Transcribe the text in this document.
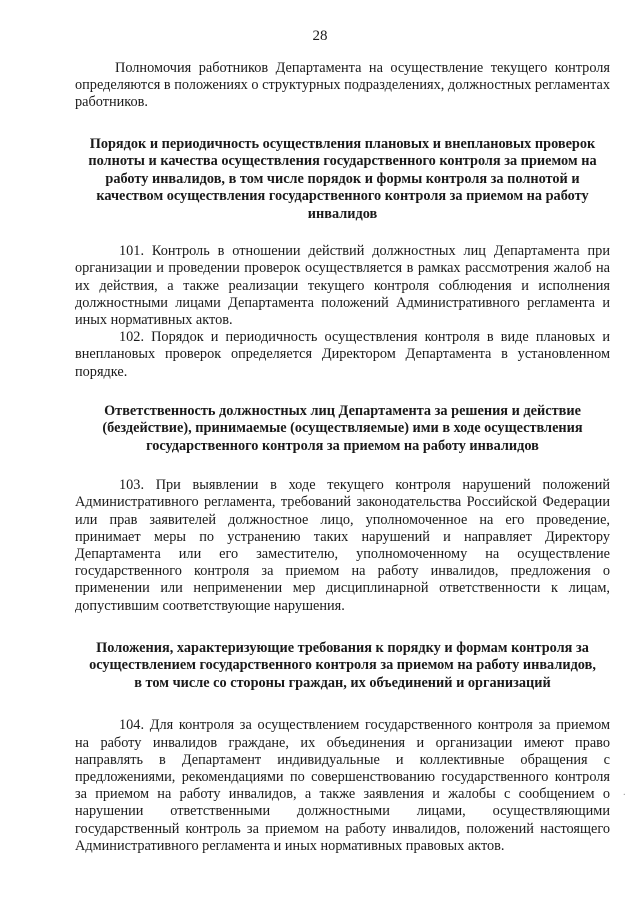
28

Полномочия работников Департамента на осуществление текущего контроля определяются в положениях о структурных подразделениях, должностных регламентах работников.

Порядок и периодичность осуществления плановых и внеплановых проверок полноты и качества осуществления государственного контроля за приемом на работу инвалидов, в том числе порядок и формы контроля за полнотой и качеством осуществления государственного контроля за приемом на работу инвалидов

101. Контроль в отношении действий должностных лиц Департамента при организации и проведении проверок осуществляется в рамках рассмотрения жалоб на их действия, а также реализации текущего контроля соблюдения и исполнения должностными лицами Департамента положений Административного регламента и иных нормативных актов.

102. Порядок и периодичность осуществления контроля в виде плановых и внеплановых проверок определяется Директором Департамента в установленном порядке.

Ответственность должностных лиц Департамента за решения и действие (бездействие), принимаемые (осуществляемые) ими в ходе осуществления государственного контроля за приемом на работу инвалидов

103. При выявлении в ходе текущего контроля нарушений положений Административного регламента, требований законодательства Российской Федерации или прав заявителей должностное лицо, уполномоченное на его проведение, принимает меры по устранению таких нарушений и направляет Директору Департамента или его заместителю, уполномоченному на осуществление государственного контроля за приемом на работу инвалидов, предложения о применении или неприменении мер дисциплинарной ответственности к лицам, допустившим соответствующие нарушения.

Положения, характеризующие требования к порядку и формам контроля за осуществлением государственного контроля за приемом на работу инвалидов, в том числе со стороны граждан, их объединений и организаций

104. Для контроля за осуществлением государственного контроля за приемом на работу инвалидов граждане, их объединения и организации имеют право направлять в Департамент индивидуальные и коллективные обращения с предложениями, рекомендациями по совершенствованию государственного контроля за приемом на работу инвалидов, а также заявления и жалобы с сообщением о нарушении ответственными должностными лицами, осуществляющими государственный контроль за приемом на работу инвалидов, положений настоящего Административного регламента и иных нормативных правовых актов.

·
